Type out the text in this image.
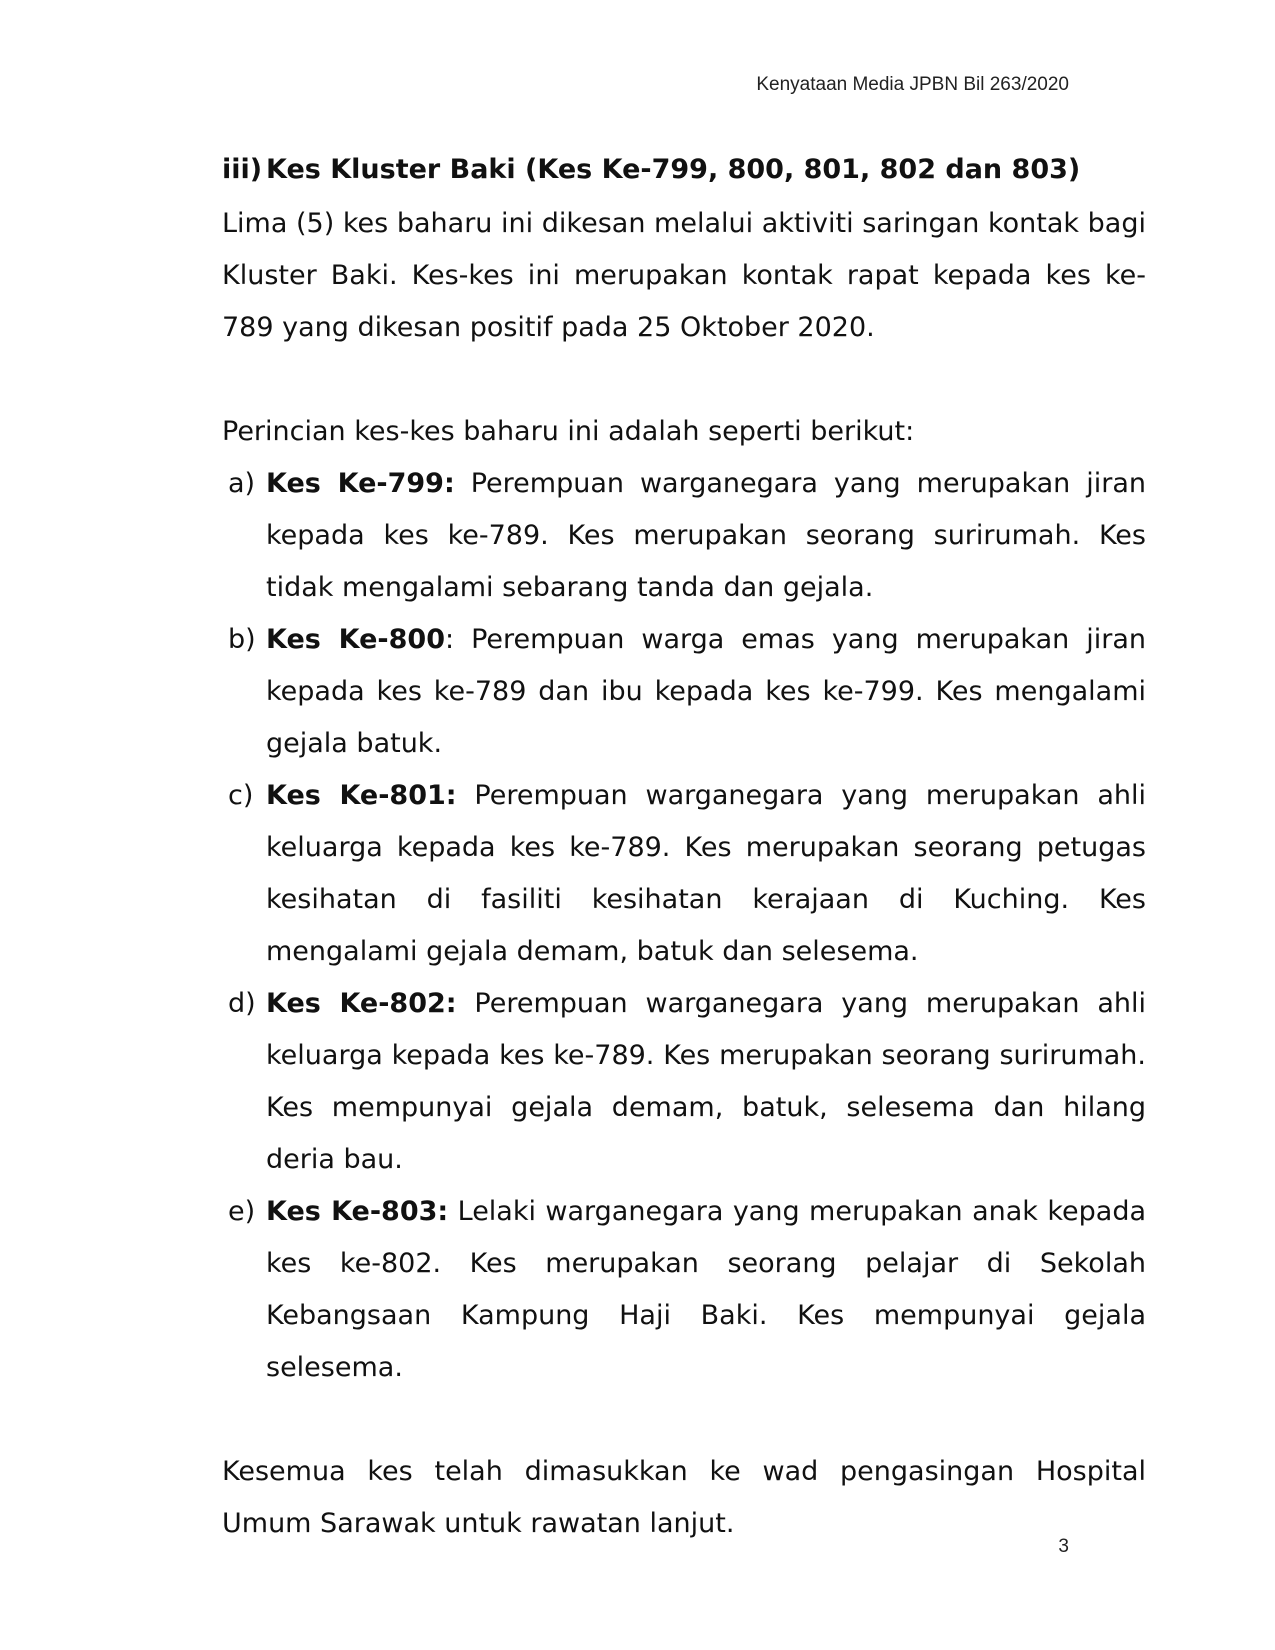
Kenyataan Media JPBN Bil 263/2020
iii) Kes Kluster Baki (Kes Ke-799, 800, 801, 802 dan 803)

Lima (5) kes baharu ini dikesan melalui aktiviti saringan kontak bagi Kluster Baki. Kes-kes ini merupakan kontak rapat kepada kes ke-789 yang dikesan positif pada 25 Oktober 2020.

Perincian kes-kes baharu ini adalah seperti berikut:

a) Kes Ke-799: Perempuan warganegara yang merupakan jiran kepada kes ke-789. Kes merupakan seorang surirumah. Kes tidak mengalami sebarang tanda dan gejala.
b) Kes Ke-800: Perempuan warga emas yang merupakan jiran kepada kes ke-789 dan ibu kepada kes ke-799. Kes mengalami gejala batuk.
c) Kes Ke-801: Perempuan warganegara yang merupakan ahli keluarga kepada kes ke-789. Kes merupakan seorang petugas kesihatan di fasiliti kesihatan kerajaan di Kuching. Kes mengalami gejala demam, batuk dan selesema.
d) Kes Ke-802: Perempuan warganegara yang merupakan ahli keluarga kepada kes ke-789. Kes merupakan seorang surirumah. Kes mempunyai gejala demam, batuk, selesema dan hilang deria bau.
e) Kes Ke-803: Lelaki warganegara yang merupakan anak kepada kes ke-802. Kes merupakan seorang pelajar di Sekolah Kebangsaan Kampung Haji Baki. Kes mempunyai gejala selesema.

Kesemua kes telah dimasukkan ke wad pengasingan Hospital Umum Sarawak untuk rawatan lanjut.

3
